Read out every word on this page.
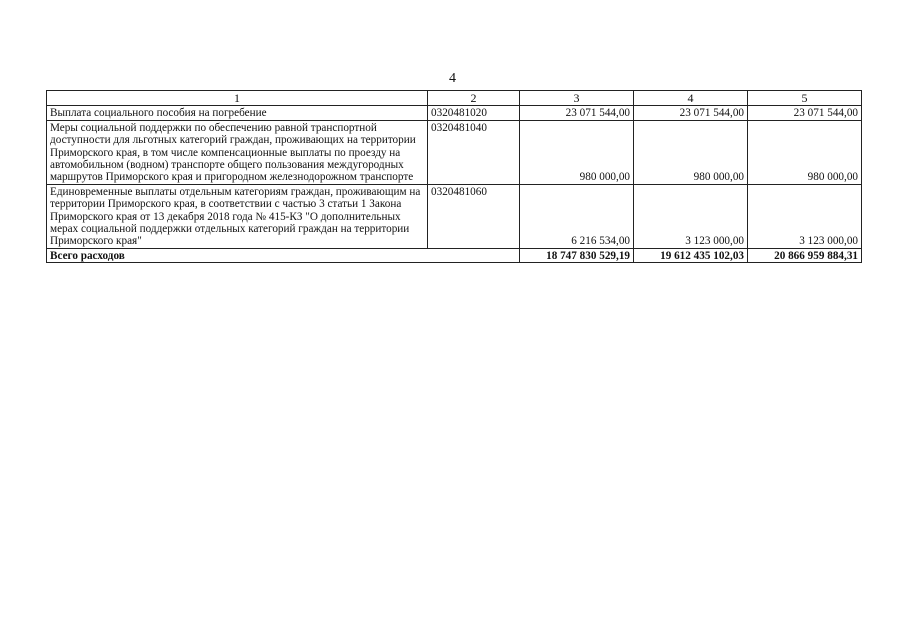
4
1	2	3	4	5
Выплата социального пособия на погребение	0320481020	23 071 544,00	23 071 544,00	23 071 544,00
Меры социальной поддержки по обеспечению равной транспортной доступности для льготных категорий граждан, проживающих на территории Приморского края, в том числе компенсационные выплаты по проезду на автомобильном (водном) транспорте общего пользования междугородных маршрутов Приморского края и пригородном железнодорожном транспорте	0320481040	980 000,00	980 000,00	980 000,00
Единовременные выплаты отдельным категориям граждан, проживающим на территории Приморского края, в соответствии с частью 3 статьи 1 Закона Приморского края от 13 декабря 2018 года № 415-КЗ "О дополнительных мерах социальной поддержки отдельных категорий граждан на территории Приморского края"	0320481060	6 216 534,00	3 123 000,00	3 123 000,00
Всего расходов		18 747 830 529,19	19 612 435 102,03	20 866 959 884,31
